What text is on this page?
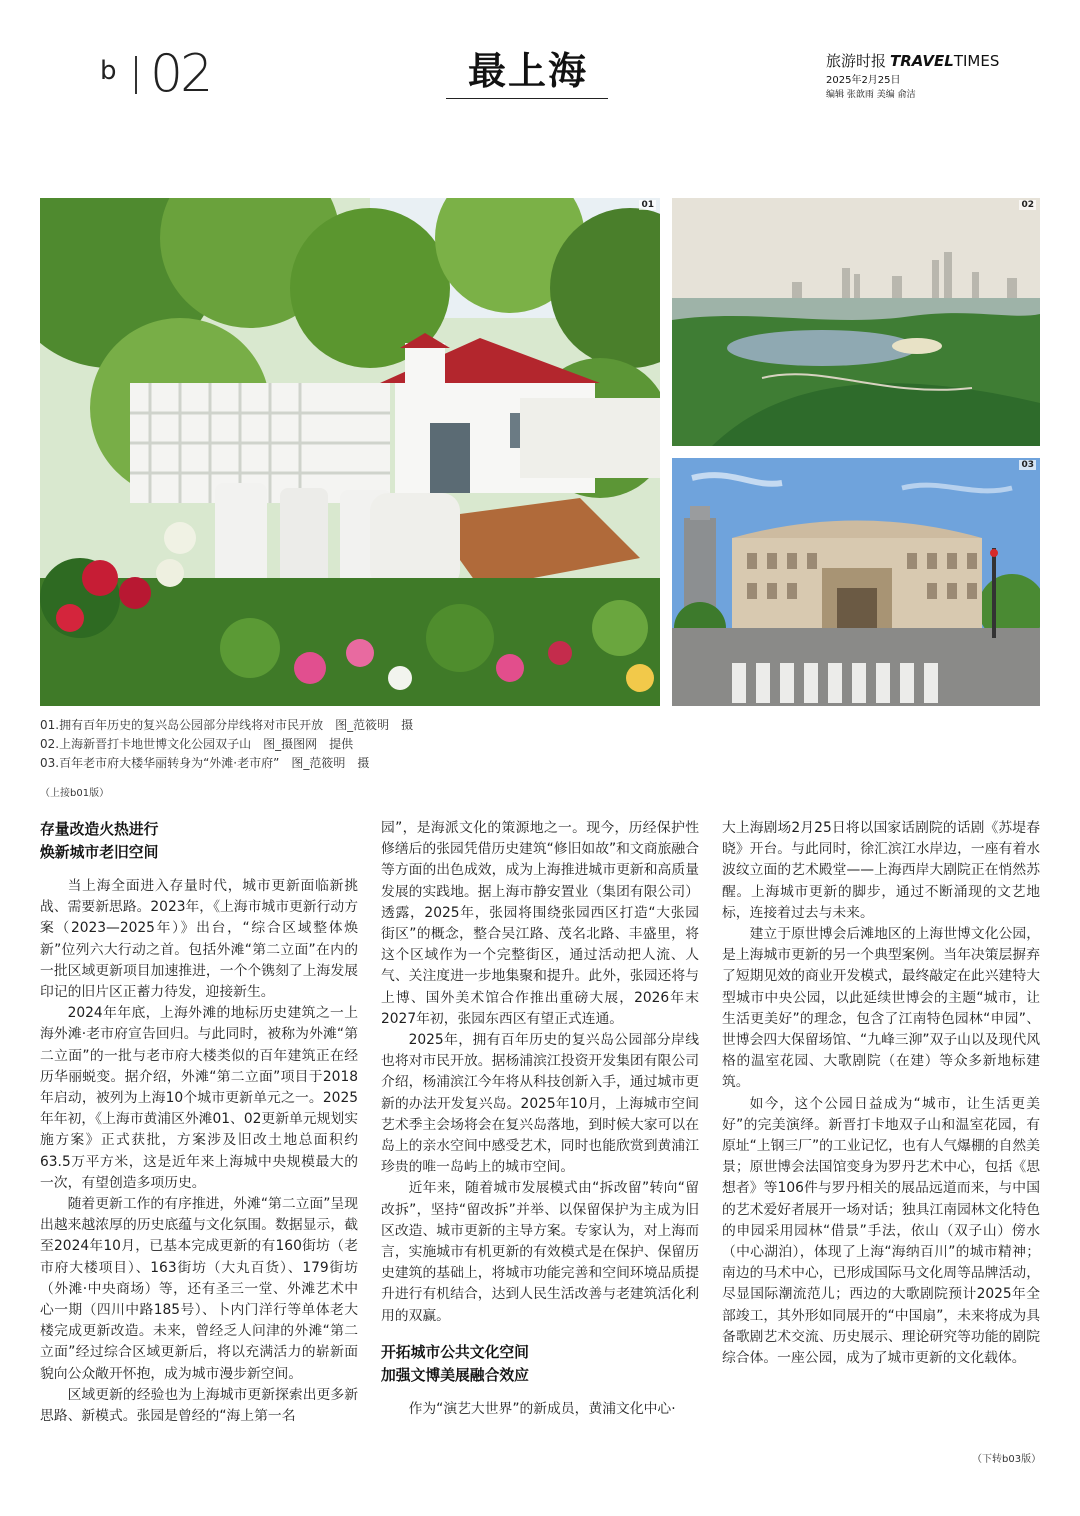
b 02	最上海	旅游时报 TRAVELTIMES
2025年2月25日
编辑 张歆雨 美编 俞洁
01	02
03
01.拥有百年历史的复兴岛公园部分岸线将对市民开放　图_范筱明　摄
02.上海新晋打卡地世博文化公园双子山　图_摄图网　提供
03.百年老市府大楼华丽转身为“外滩·老市府”　图_范筱明　摄
（上接b01版）
存量改造火热进行
焕新城市老旧空间

当上海全面进入存量时代，城市更新面临新挑战、需要新思路。2023年，《上海市城市更新行动方案（2023—2025年）》出台，“综合区域整体焕新”位列六大行动之首。包括外滩“第二立面”在内的一批区域更新项目加速推进，一个个镌刻了上海发展印记的旧片区正蓄力待发，迎接新生。

2024年年底，上海外滩的地标历史建筑之一上海外滩·老市府宣告回归。与此同时，被称为外滩“第二立面”的一批与老市府大楼类似的百年建筑正在经历华丽蜕变。据介绍，外滩“第二立面”项目于2018年启动，被列为上海10个城市更新单元之一。2025年年初，《上海市黄浦区外滩01、02更新单元规划实施方案》正式获批，方案涉及旧改土地总面积约63.5万平方米，这是近年来上海城中央规模最大的一次，有望创造多项历史。

随着更新工作的有序推进，外滩“第二立面”呈现出越来越浓厚的历史底蕴与文化氛围。数据显示，截至2024年10月，已基本完成更新的有160街坊（老市府大楼项目）、163街坊（大丸百货）、179街坊（外滩·中央商场）等，还有圣三一堂、外滩艺术中心一期（四川中路185号）、卜内门洋行等单体老大楼完成更新改造。未来，曾经乏人问津的外滩“第二立面”经过综合区域更新后，将以充满活力的崭新面貌向公众敞开怀抱，成为城市漫步新空间。

区域更新的经验也为上海城市更新探索出更多新思路、新模式。张园是曾经的“海上第一名

园”，是海派文化的策源地之一。现今，历经保护性修缮后的张园凭借历史建筑“修旧如故”和文商旅融合等方面的出色成效，成为上海推进城市更新和高质量发展的实践地。据上海市静安置业（集团有限公司）透露，2025年，张园将围绕张园西区打造“大张园街区”的概念，整合吴江路、茂名北路、丰盛里，将这个区域作为一个完整街区，通过活动把人流、人气、关注度进一步地集聚和提升。此外，张园还将与上博、国外美术馆合作推出重磅大展，2026年末2027年初，张园东西区有望正式连通。

2025年，拥有百年历史的复兴岛公园部分岸线也将对市民开放。据杨浦滨江投资开发集团有限公司介绍，杨浦滨江今年将从科技创新入手，通过城市更新的办法开发复兴岛。2025年10月，上海城市空间艺术季主会场将会在复兴岛落地，到时候大家可以在岛上的亲水空间中感受艺术，同时也能欣赏到黄浦江珍贵的唯一岛屿上的城市空间。

近年来，随着城市发展模式由“拆改留”转向“留改拆”，坚持“留改拆”并举、以保留保护为主成为旧区改造、城市更新的主导方案。专家认为，对上海而言，实施城市有机更新的有效模式是在保护、保留历史建筑的基础上，将城市功能完善和空间环境品质提升进行有机结合，达到人民生活改善与老建筑活化利用的双赢。

开拓城市公共文化空间
加强文博美展融合效应

作为“演艺大世界”的新成员，黄浦文化中心·

大上海剧场2月25日将以国家话剧院的话剧《苏堤春晓》开台。与此同时，徐汇滨江水岸边，一座有着水波纹立面的艺术殿堂——上海西岸大剧院正在悄然苏醒。上海城市更新的脚步，通过不断涌现的文艺地标，连接着过去与未来。

建立于原世博会后滩地区的上海世博文化公园，是上海城市更新的另一个典型案例。当年决策层摒弃了短期见效的商业开发模式，最终敲定在此兴建特大型城市中央公园，以此延续世博会的主题“城市，让生活更美好”的理念，包含了江南特色园林“申园”、世博会四大保留场馆、“九峰三泖”双子山以及现代风格的温室花园、大歌剧院（在建）等众多新地标建筑。

如今，这个公园日益成为“城市，让生活更美好”的完美演绎。新晋打卡地双子山和温室花园，有原址“上钢三厂”的工业记忆，也有人气爆棚的自然美景；原世博会法国馆变身为罗丹艺术中心，包括《思想者》等106件与罗丹相关的展品远道而来，与中国的艺术爱好者展开一场对话；独具江南园林文化特色的申园采用园林“借景”手法，依山（双子山）傍水（中心湖泊），体现了上海“海纳百川”的城市精神；南边的马术中心，已形成国际马文化周等品牌活动，尽显国际潮流范儿；西边的大歌剧院预计2025年全部竣工，其外形如同展开的“中国扇”，未来将成为具备歌剧艺术交流、历史展示、理论研究等功能的剧院综合体。一座公园，成为了城市更新的文化载体。

（下转b03版）
